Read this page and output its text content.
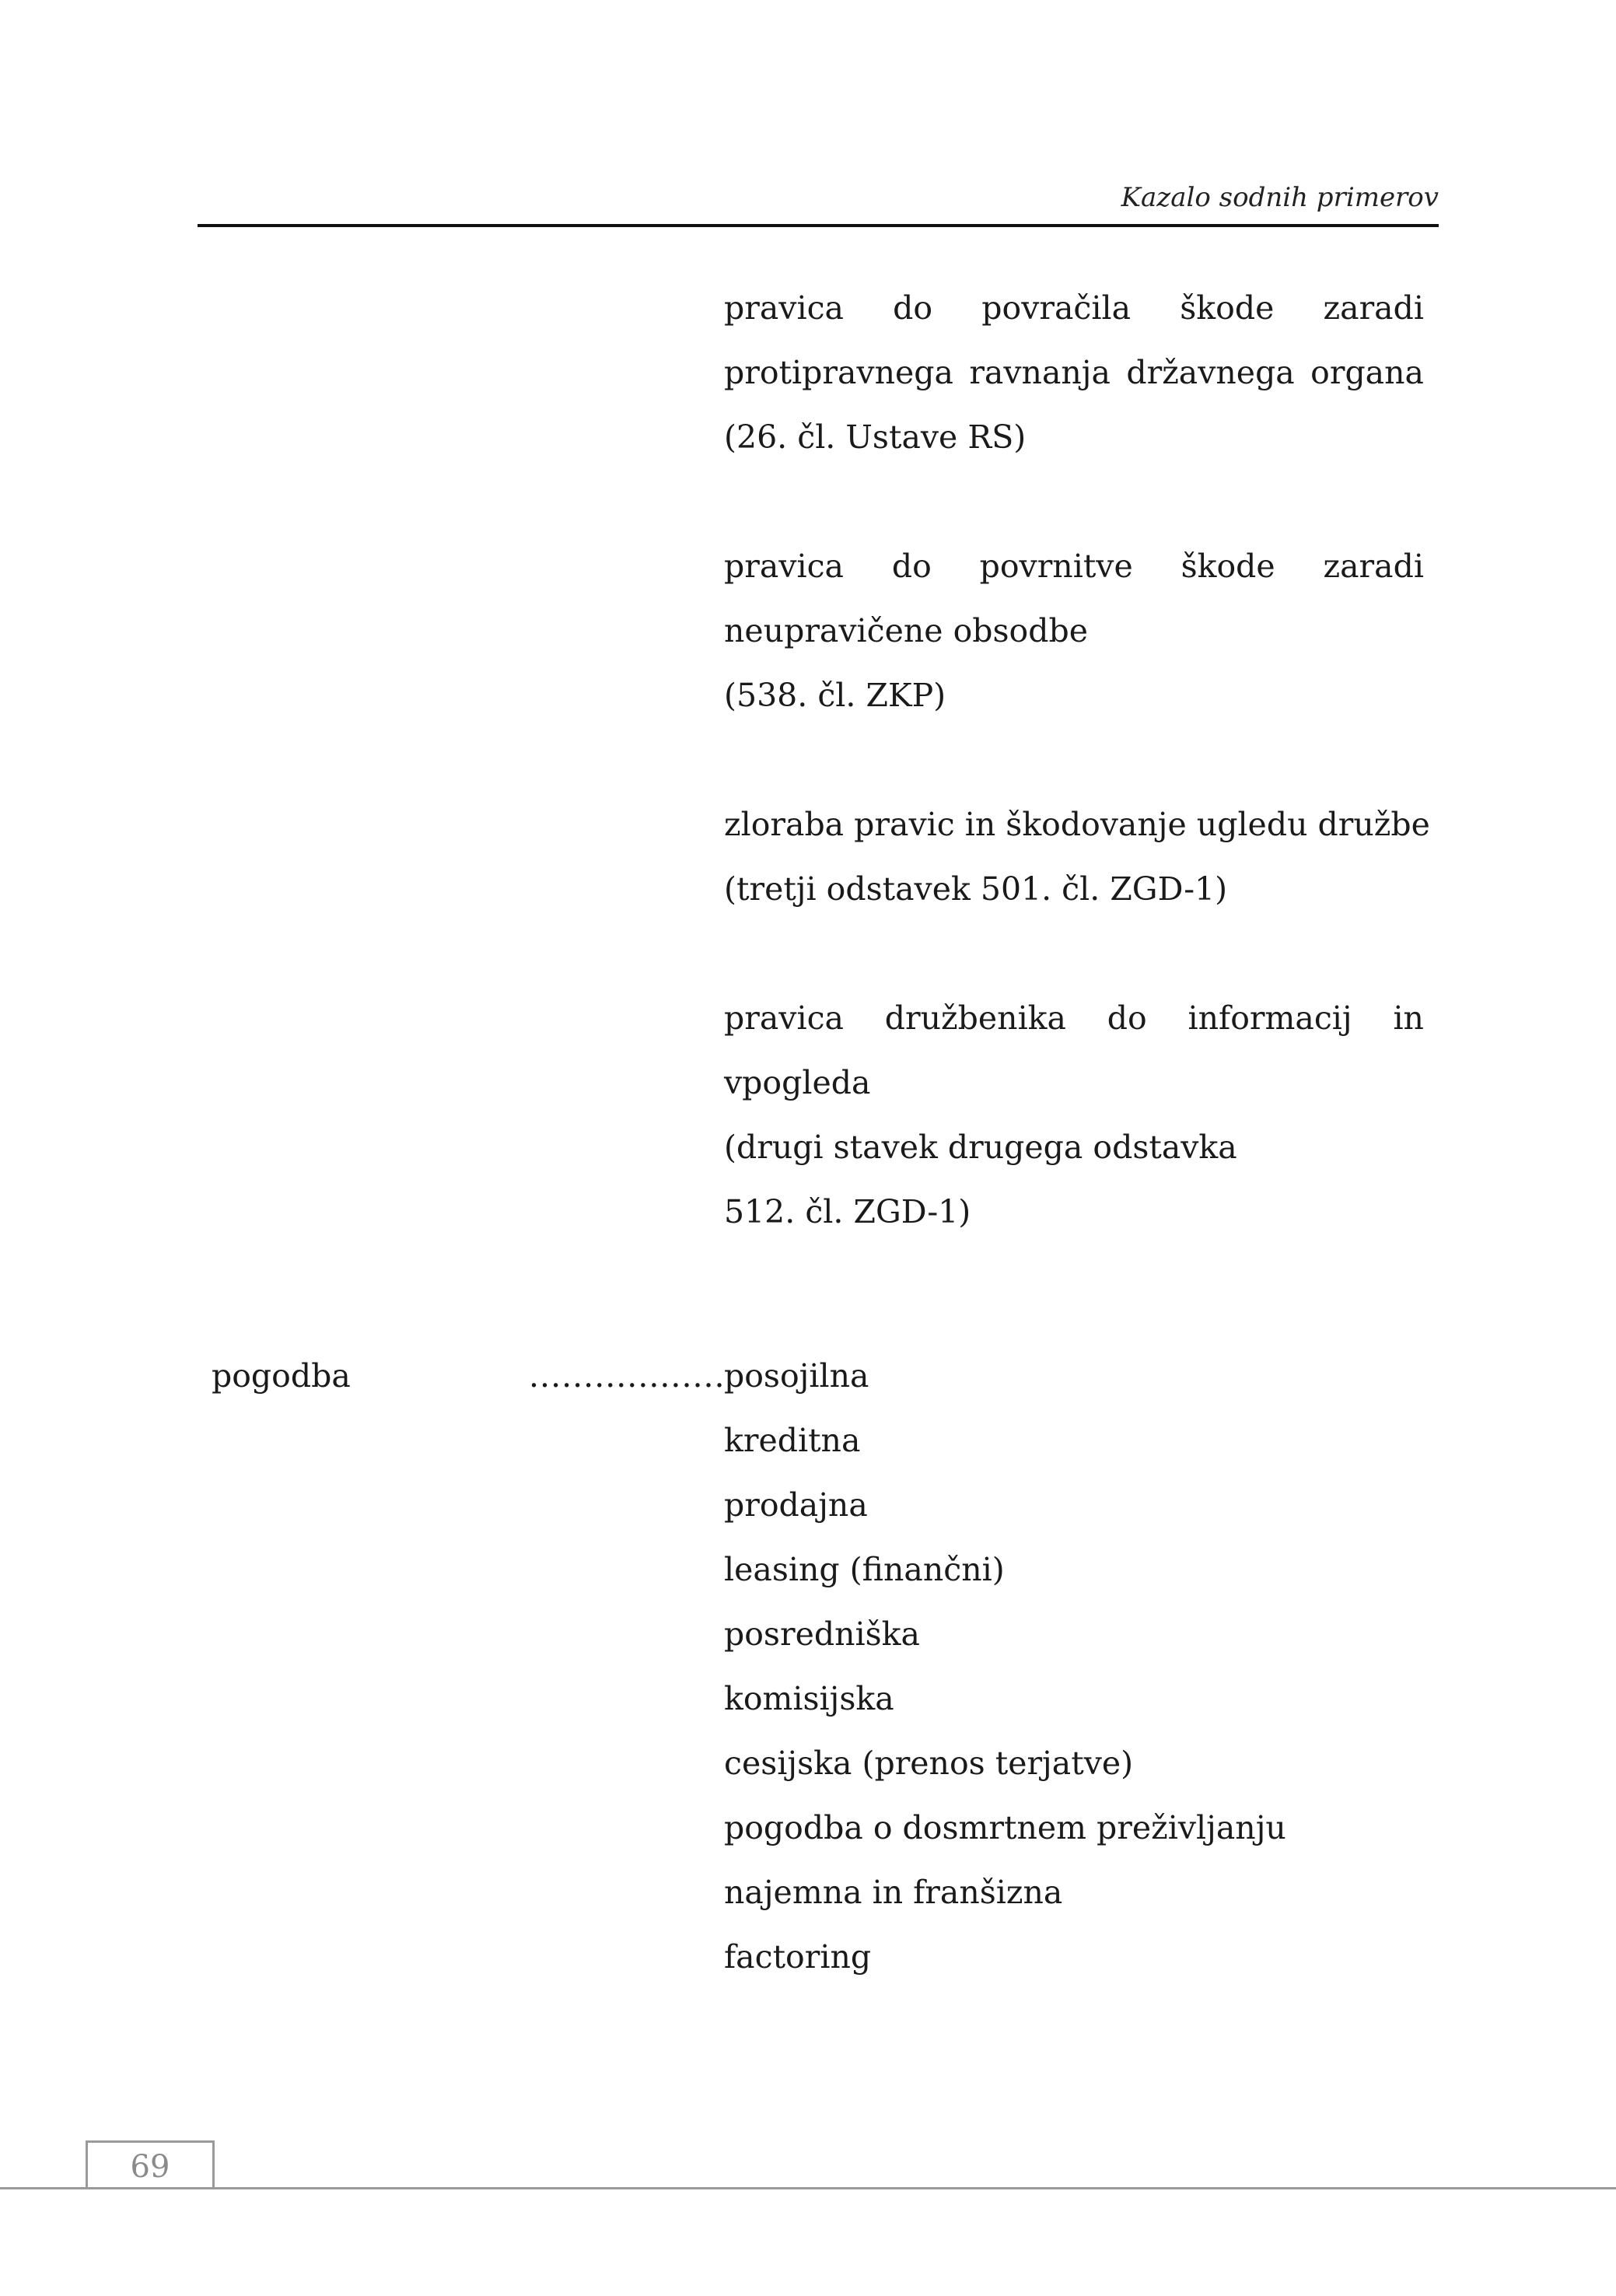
Kazalo sodnih primerov
pravica do povračila škode zaradi
protipravnega ravnanja državnega organa
(26. čl. Ustave RS)
pravica do povrnitve škode zaradi
neupravičene obsodbe
(538. čl. ZKP)
zloraba pravic in škodovanje ugledu družbe
(tretji odstavek 501. čl. ZGD-1)
pravica družbenika do informacij in
vpogleda
(drugi stavek drugega odstavka
512. čl. ZGD-1)
pogodba	..................
posojilna
kreditna
prodajna
leasing (finančni)
posredniška
komisijska
cesijska (prenos terjatve)
pogodba o dosmrtnem preživljanju
najemna in franšizna
factoring
69
